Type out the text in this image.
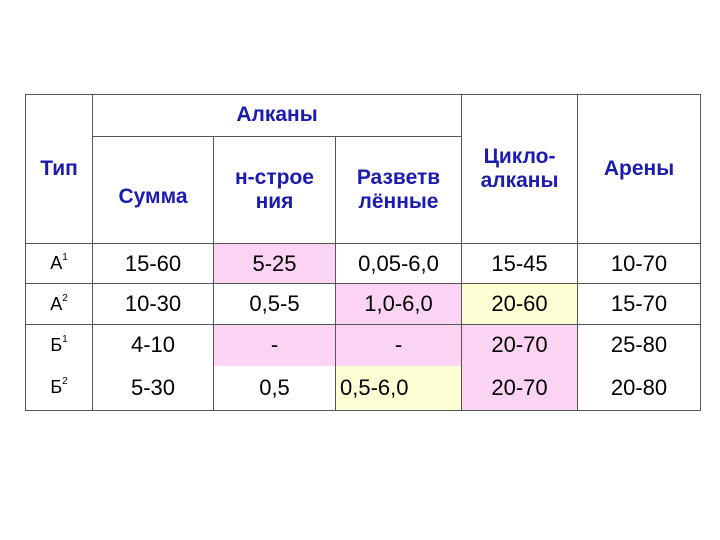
Тип	Алканы			Цикло- алканы	Арены
	Сумма	н-строе ния	Разветв лённые		
$А^1$	15-60	5-25	0,05-6,0	15-45	10-70
$А^2$	10-30	0,5-5	1,0-6,0	20-60	15-70
$Б^1$	4-10	-	-	20-70	25-80
$Б^2$	5-30	0,5	0,5-6,0	20-70	20-80
